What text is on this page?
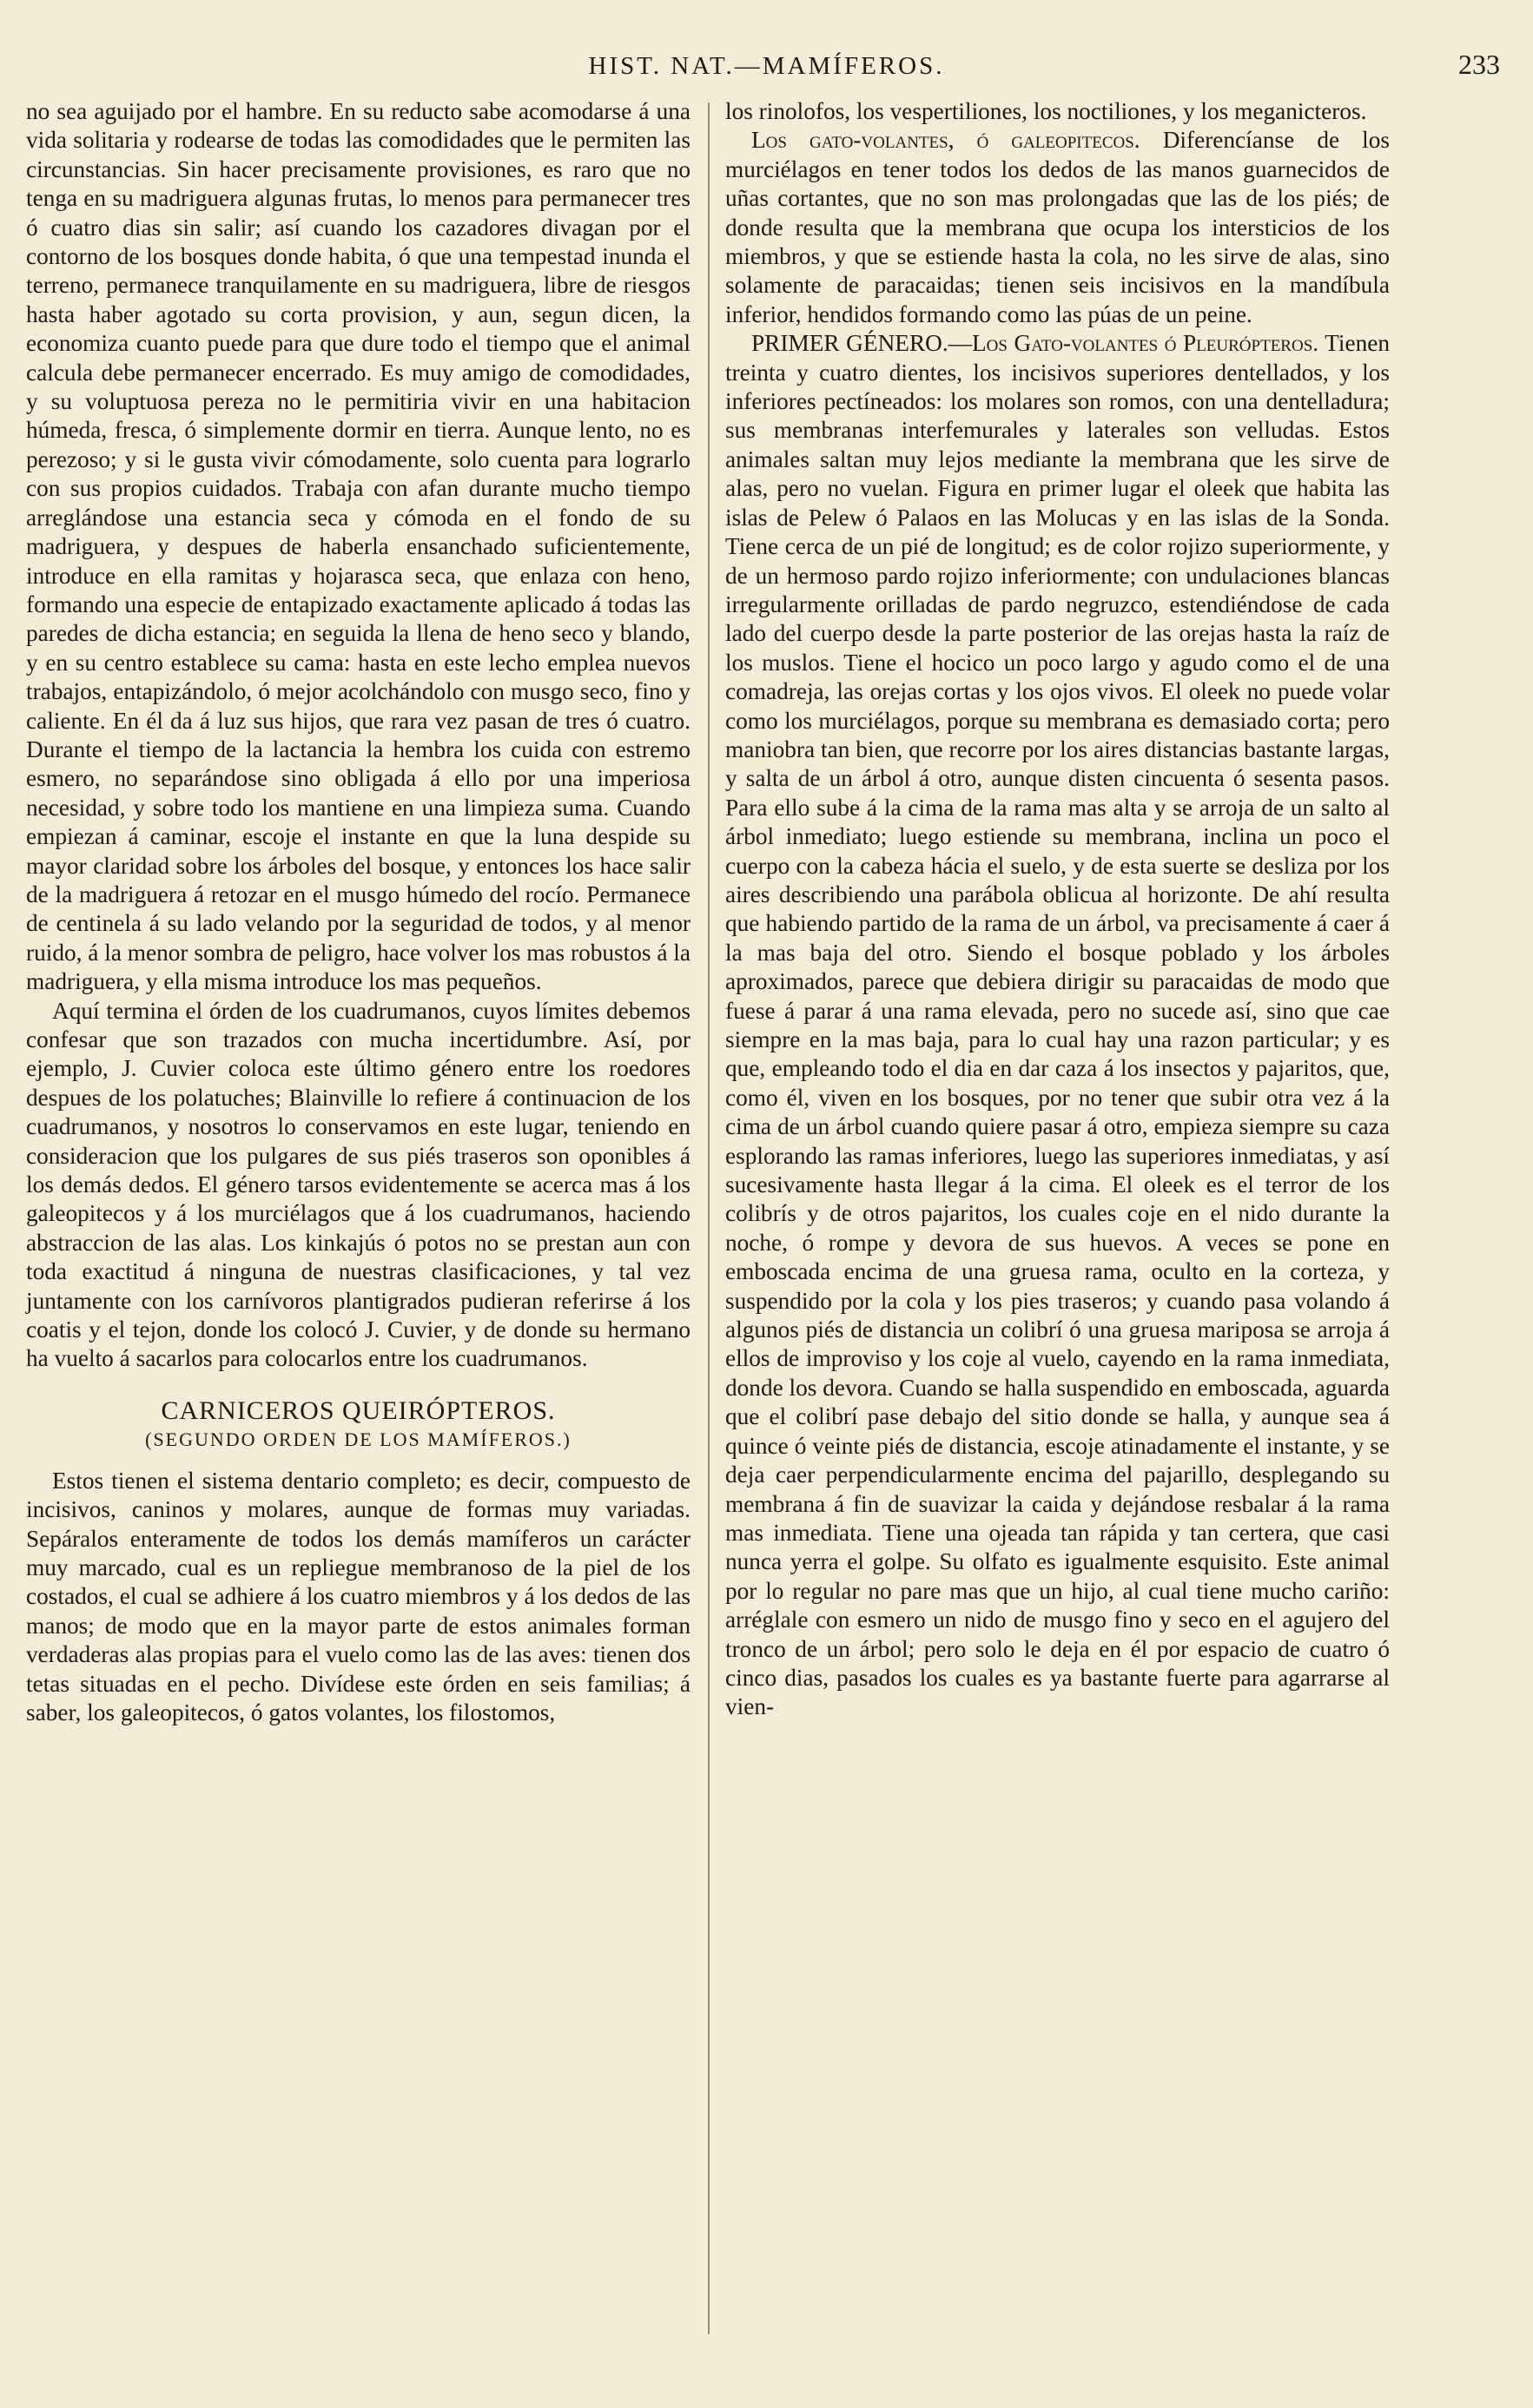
HIST. NAT.—MAMÍFEROS.	233

no sea aguijado por el hambre. En su reducto sabe acomodarse á una vida solitaria y rodearse de todas las comodidades que le permiten las circunstancias. Sin hacer precisamente provisiones, es raro que no tenga en su madriguera algunas frutas, lo menos para permanecer tres ó cuatro dias sin salir; así cuando los cazadores divagan por el contorno de los bosques donde habita, ó que una tempestad inunda el terreno, permanece tranquilamente en su madriguera, libre de riesgos hasta haber agotado su corta provision, y aun, segun dicen, la economiza cuanto puede para que dure todo el tiempo que el animal calcula debe permanecer encerrado. Es muy amigo de comodidades, y su voluptuosa pereza no le permitiria vivir en una habitacion húmeda, fresca, ó simplemente dormir en tierra. Aunque lento, no es perezoso; y si le gusta vivir cómodamente, solo cuenta para lograrlo con sus propios cuidados. Trabaja con afan durante mucho tiempo arreglándose una estancia seca y cómoda en el fondo de su madriguera, y despues de haberla ensanchado suficientemente, introduce en ella ramitas y hojarasca seca, que enlaza con heno, formando una especie de entapizado exactamente aplicado á todas las paredes de dicha estancia; en seguida la llena de heno seco y blando, y en su centro establece su cama: hasta en este lecho emplea nuevos trabajos, entapizándolo, ó mejor acolchándolo con musgo seco, fino y caliente. En él da á luz sus hijos, que rara vez pasan de tres ó cuatro. Durante el tiempo de la lactancia la hembra los cuida con estremo esmero, no separándose sino obligada á ello por una imperiosa necesidad, y sobre todo los mantiene en una limpieza suma. Cuando empiezan á caminar, escoje el instante en que la luna despide su mayor claridad sobre los árboles del bosque, y entonces los hace salir de la madriguera á retozar en el musgo húmedo del rocío. Permanece de centinela á su lado velando por la seguridad de todos, y al menor ruido, á la menor sombra de peligro, hace volver los mas robustos á la madriguera, y ella misma introduce los mas pequeños.

Aquí termina el órden de los cuadrumanos, cuyos límites debemos confesar que son trazados con mucha incertidumbre. Así, por ejemplo, J. Cuvier coloca este último género entre los roedores despues de los polatuches; Blainville lo refiere á continuacion de los cuadrumanos, y nosotros lo conservamos en este lugar, teniendo en consideracion que los pulgares de sus piés traseros son oponibles á los demás dedos. El género tarsos evidentemente se acerca mas á los galeopitecos y á los murciélagos que á los cuadrumanos, haciendo abstraccion de las alas. Los kinkajús ó potos no se prestan aun con toda exactitud á ninguna de nuestras clasificaciones, y tal vez juntamente con los carnívoros plantigrados pudieran referirse á los coatis y el tejon, donde los colocó J. Cuvier, y de donde su hermano ha vuelto á sacarlos para colocarlos entre los cuadrumanos.

CARNICEROS QUEIRÓPTEROS.
(SEGUNDO ORDEN DE LOS MAMÍFEROS.)

Estos tienen el sistema dentario completo; es decir, compuesto de incisivos, caninos y molares, aunque de formas muy variadas. Sepáralos enteramente de todos los demás mamíferos un carácter muy marcado, cual es un repliegue membranoso de la piel de los costados, el cual se adhiere á los cuatro miembros y á los dedos de las manos; de modo que en la mayor parte de estos animales forman verdaderas alas propias para el vuelo como las de las aves: tienen dos tetas situadas en el pecho. Divídese este órden en seis familias; á saber, los galeopitecos, ó gatos volantes, los filostomos,

los rinolofos, los vespertiliones, los noctiliones, y los meganicteros.

Los gato-volantes, ó galeopitecos. Diferencíanse de los murciélagos en tener todos los dedos de las manos guarnecidos de uñas cortantes, que no son mas prolongadas que las de los piés; de donde resulta que la membrana que ocupa los intersticios de los miembros, y que se estiende hasta la cola, no les sirve de alas, sino solamente de paracaidas; tienen seis incisivos en la mandíbula inferior, hendidos formando como las púas de un peine.

PRIMER GÉNERO.—Los Gato-volantes ó Pleurópteros. Tienen treinta y cuatro dientes, los incisivos superiores dentellados, y los inferiores pectíneados: los molares son romos, con una dentelladura; sus membranas interfemurales y laterales son velludas. Estos animales saltan muy lejos mediante la membrana que les sirve de alas, pero no vuelan. Figura en primer lugar el oleek que habita las islas de Pelew ó Palaos en las Molucas y en las islas de la Sonda. Tiene cerca de un pié de longitud; es de color rojizo superiormente, y de un hermoso pardo rojizo inferiormente; con undulaciones blancas irregularmente orilladas de pardo negruzco, estendiéndose de cada lado del cuerpo desde la parte posterior de las orejas hasta la raíz de los muslos. Tiene el hocico un poco largo y agudo como el de una comadreja, las orejas cortas y los ojos vivos. El oleek no puede volar como los murciélagos, porque su membrana es demasiado corta; pero maniobra tan bien, que recorre por los aires distancias bastante largas, y salta de un árbol á otro, aunque disten cincuenta ó sesenta pasos. Para ello sube á la cima de la rama mas alta y se arroja de un salto al árbol inmediato; luego estiende su membrana, inclina un poco el cuerpo con la cabeza hácia el suelo, y de esta suerte se desliza por los aires describiendo una parábola oblicua al horizonte. De ahí resulta que habiendo partido de la rama de un árbol, va precisamente á caer á la mas baja del otro. Siendo el bosque poblado y los árboles aproximados, parece que debiera dirigir su paracaidas de modo que fuese á parar á una rama elevada, pero no sucede así, sino que cae siempre en la mas baja, para lo cual hay una razon particular; y es que, empleando todo el dia en dar caza á los insectos y pajaritos, que, como él, viven en los bosques, por no tener que subir otra vez á la cima de un árbol cuando quiere pasar á otro, empieza siempre su caza esplorando las ramas inferiores, luego las superiores inmediatas, y así sucesivamente hasta llegar á la cima. El oleek es el terror de los colibrís y de otros pajaritos, los cuales coje en el nido durante la noche, ó rompe y devora de sus huevos. A veces se pone en emboscada encima de una gruesa rama, oculto en la corteza, y suspendido por la cola y los pies traseros; y cuando pasa volando á algunos piés de distancia un colibrí ó una gruesa mariposa se arroja á ellos de improviso y los coje al vuelo, cayendo en la rama inmediata, donde los devora. Cuando se halla suspendido en emboscada, aguarda que el colibrí pase debajo del sitio donde se halla, y aunque sea á quince ó veinte piés de distancia, escoje atinadamente el instante, y se deja caer perpendicularmente encima del pajarillo, desplegando su membrana á fin de suavizar la caida y dejándose resbalar á la rama mas inmediata. Tiene una ojeada tan rápida y tan certera, que casi nunca yerra el golpe. Su olfato es igualmente esquisito. Este animal por lo regular no pare mas que un hijo, al cual tiene mucho cariño: arréglale con esmero un nido de musgo fino y seco en el agujero del tronco de un árbol; pero solo le deja en él por espacio de cuatro ó cinco dias, pasados los cuales es ya bastante fuerte para agarrarse al vien-
